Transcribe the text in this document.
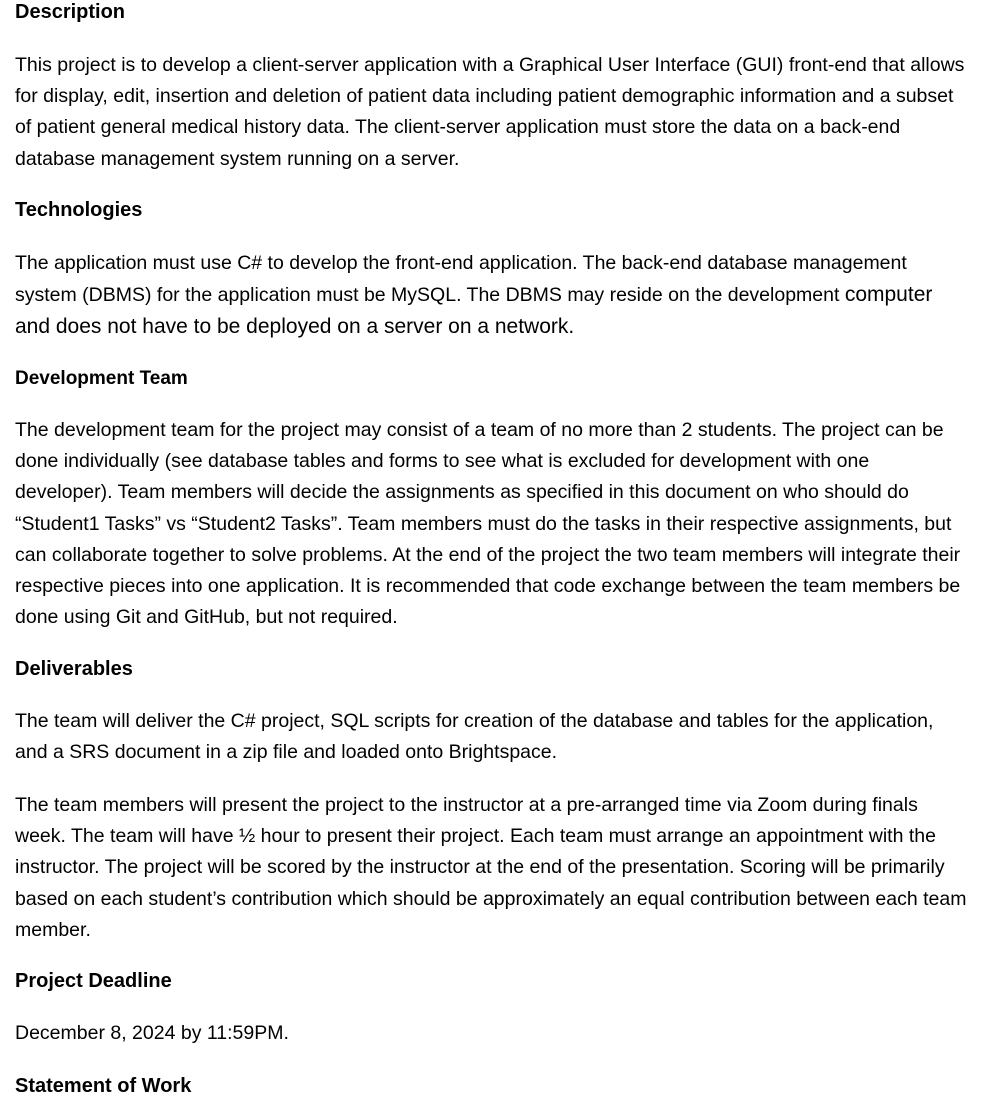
Description

This project is to develop a client-server application with a Graphical User Interface (GUI) front-end that allows for display, edit, insertion and deletion of patient data including patient demographic information and a subset of patient general medical history data. The client-server application must store the data on a back-end database management system running on a server.

Technologies

The application must use C# to develop the front-end application. The back-end database management system (DBMS) for the application must be MySQL. The DBMS may reside on the development computer and does not have to be deployed on a server on a network.

Development Team

The development team for the project may consist of a team of no more than 2 students. The project can be done individually (see database tables and forms to see what is excluded for development with one developer). Team members will decide the assignments as specified in this document on who should do “Student1 Tasks” vs “Student2 Tasks”. Team members must do the tasks in their respective assignments, but can collaborate together to solve problems. At the end of the project the two team members will integrate their respective pieces into one application. It is recommended that code exchange between the team members be done using Git and GitHub, but not required.

Deliverables

The team will deliver the C# project, SQL scripts for creation of the database and tables for the application, and a SRS document in a zip file and loaded onto Brightspace.

The team members will present the project to the instructor at a pre-arranged time via Zoom during finals week. The team will have ½ hour to present their project. Each team must arrange an appointment with the instructor. The project will be scored by the instructor at the end of the presentation. Scoring will be primarily based on each student’s contribution which should be approximately an equal contribution between each team member.

Project Deadline

December 8, 2024 by 11:59PM.

Statement of Work
